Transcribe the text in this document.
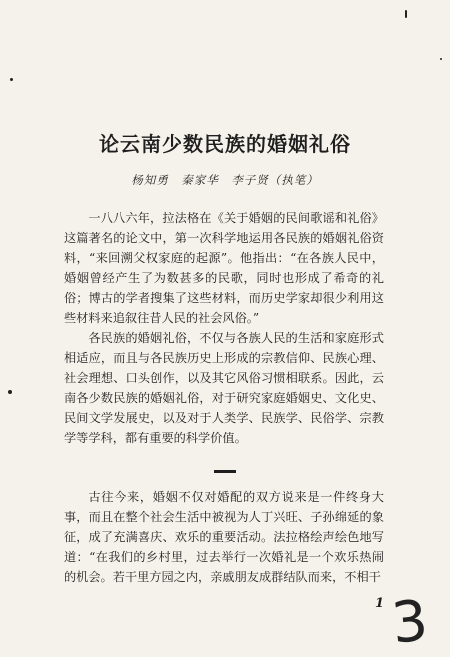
论云南少数民族的婚姻礼俗
杨知勇　秦家华　李子贤（执笔）

一八八六年，拉法格在《关于婚姻的民间歌谣和礼俗》这篇著名的论文中，第一次科学地运用各民族的婚姻礼俗资料，“来回溯父权家庭的起源”。他指出：“在各族人民中，婚姻曾经产生了为数甚多的民歌，同时也形成了希奇的礼俗；博古的学者搜集了这些材料，而历史学家却很少利用这些材料来追叙往昔人民的社会风俗。”

各民族的婚姻礼俗，不仅与各族人民的生活和家庭形式相适应，而且与各民族历史上形成的宗教信仰、民族心理、社会理想、口头创作，以及其它风俗习惯相联系。因此，云南各少数民族的婚姻礼俗，对于研究家庭婚姻史、文化史、民间文学发展史，以及对于人类学、民族学、民俗学、宗教学等学科，都有重要的科学价值。

古往今来，婚姻不仅对婚配的双方说来是一件终身大事，而且在整个社会生活中被视为人丁兴旺、子孙绵延的象征，成了充满喜庆、欢乐的重要活动。法拉格绘声绘色地写道：“在我们的乡村里，过去举行一次婚礼是一个欢乐热闹的机会。若干里方园之内，亲戚朋友成群结队而来，不相干

1 3
